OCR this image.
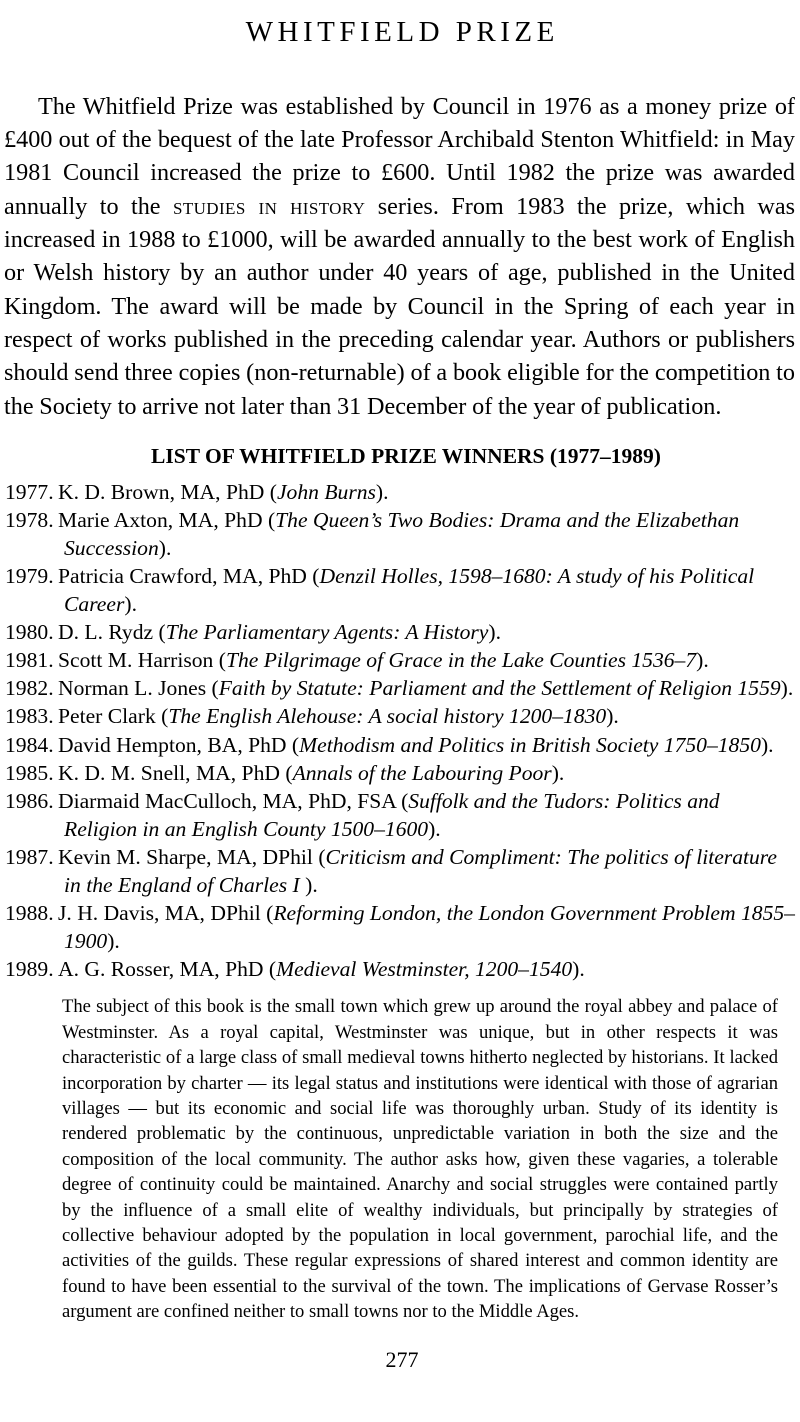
WHITFIELD PRIZE

The Whitfield Prize was established by Council in 1976 as a money prize of £400 out of the bequest of the late Professor Archibald Stenton Whitfield: in May 1981 Council increased the prize to £600. Until 1982 the prize was awarded annually to the studies in history series. From 1983 the prize, which was increased in 1988 to £1000, will be awarded annually to the best work of English or Welsh history by an author under 40 years of age, published in the United Kingdom. The award will be made by Council in the Spring of each year in respect of works published in the preceding calendar year. Authors or publishers should send three copies (non-returnable) of a book eligible for the competition to the Society to arrive not later than 31 December of the year of publication.

LIST OF WHITFIELD PRIZE WINNERS (1977–1989)
1977. K. D. Brown, MA, PhD (John Burns).
1978. Marie Axton, MA, PhD (The Queen’s Two Bodies: Drama and the Elizabethan Succession).
1979. Patricia Crawford, MA, PhD (Denzil Holles, 1598–1680: A study of his Political Career).
1980. D. L. Rydz (The Parliamentary Agents: A History).
1981. Scott M. Harrison (The Pilgrimage of Grace in the Lake Counties 1536–7).
1982. Norman L. Jones (Faith by Statute: Parliament and the Settlement of Religion 1559).
1983. Peter Clark (The English Alehouse: A social history 1200–1830).
1984. David Hempton, BA, PhD (Methodism and Politics in British Society 1750–1850).
1985. K. D. M. Snell, MA, PhD (Annals of the Labouring Poor).
1986. Diarmaid MacCulloch, MA, PhD, FSA (Suffolk and the Tudors: Politics and Religion in an English County 1500–1600).
1987. Kevin M. Sharpe, MA, DPhil (Criticism and Compliment: The politics of literature in the England of Charles I ).
1988. J. H. Davis, MA, DPhil (Reforming London, the London Government Problem 1855–1900).
1989. A. G. Rosser, MA, PhD (Medieval Westminster, 1200–1540).

The subject of this book is the small town which grew up around the royal abbey and palace of Westminster. As a royal capital, Westminster was unique, but in other respects it was characteristic of a large class of small medieval towns hitherto neglected by historians. It lacked incorporation by charter — its legal status and institutions were identical with those of agrarian villages — but its economic and social life was thoroughly urban. Study of its identity is rendered problematic by the continuous, unpredictable variation in both the size and the composition of the local community. The author asks how, given these vagaries, a tolerable degree of continuity could be maintained. Anarchy and social struggles were contained partly by the influence of a small elite of wealthy individuals, but principally by strategies of collective behaviour adopted by the population in local government, parochial life, and the activities of the guilds. These regular expressions of shared interest and common identity are found to have been essential to the survival of the town. The implications of Gervase Rosser’s argument are confined neither to small towns nor to the Middle Ages.

277
